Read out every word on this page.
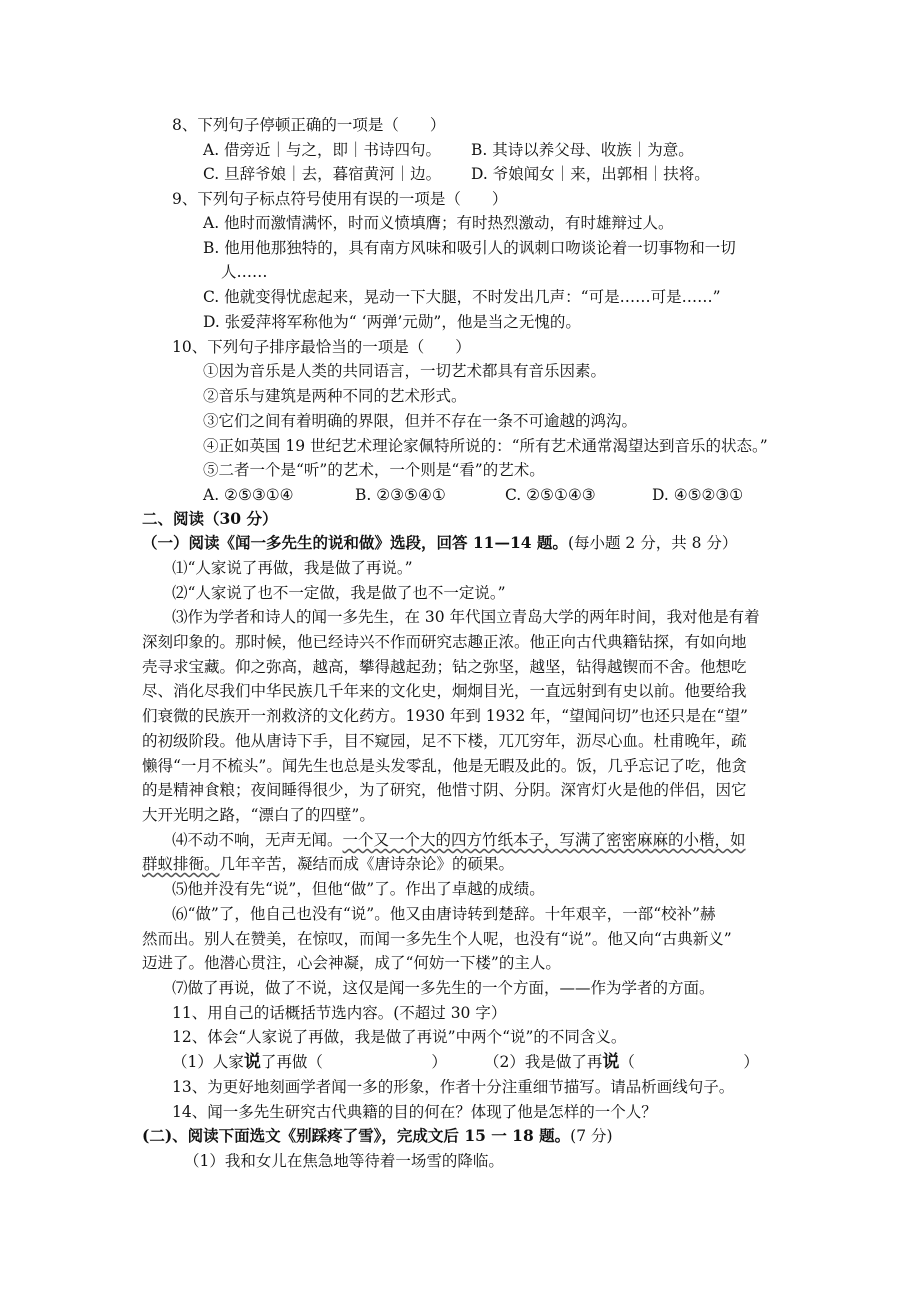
8、下列句子停顿正确的一项是（　　）
A. 借旁近｜与之，即｜书诗四句。 B. 其诗以养父母、收族｜为意。
C. 旦辞爷娘｜去，暮宿黄河｜边。 D. 爷娘闻女｜来，出郭相｜扶将。
9、下列句子标点符号使用有误的一项是（　　）
A. 他时而激情满怀，时而义愤填膺；有时热烈激动，有时雄辩过人。
B. 他用他那独特的，具有南方风味和吸引人的讽刺口吻谈论着一切事物和一切
人……
C. 他就变得忧虑起来，晃动一下大腿，不时发出几声：“可是……可是……”
D. 张爱萍将军称他为“ ‘两弹’元勋”，他是当之无愧的。
10、下列句子排序最恰当的一项是（　　）
①因为音乐是人类的共同语言，一切艺术都具有音乐因素。
②音乐与建筑是两种不同的艺术形式。
③它们之间有着明确的界限，但并不存在一条不可逾越的鸿沟。
④正如英国 19 世纪艺术理论家佩特所说的：“所有艺术通常渴望达到音乐的状态。”
⑤二者一个是“听”的艺术，一个则是“看”的艺术。
A. ②⑤③①④	B. ②③⑤④①	C. ②⑤①④③	D. ④⑤②③①
二、阅读（30 分）
（一）阅读《闻一多先生的说和做》选段，回答 11—14 题。(每小题 2 分，共 8 分）
⑴“人家说了再做，我是做了再说。”
⑵“人家说了也不一定做，我是做了也不一定说。”
⑶作为学者和诗人的闻一多先生，在 30 年代国立青岛大学的两年时间，我对他是有着
深刻印象的。那时候，他已经诗兴不作而研究志趣正浓。他正向古代典籍钻探，有如向地
壳寻求宝藏。仰之弥高，越高，攀得越起劲；钻之弥坚，越坚，钻得越锲而不舍。他想吃
尽、消化尽我们中华民族几千年来的文化史，炯炯目光，一直远射到有史以前。他要给我
们衰微的民族开一剂救济的文化药方。1930 年到 1932 年，“望闻问切”也还只是在“望”
的初级阶段。他从唐诗下手，目不窥园，足不下楼，兀兀穷年，沥尽心血。杜甫晚年，疏
懒得“一月不梳头”。闻先生也总是头发零乱，他是无暇及此的。饭，几乎忘记了吃，他贪
的是精神食粮；夜间睡得很少，为了研究，他惜寸阴、分阴。深宵灯火是他的伴侣，因它
大开光明之路，“漂白了的四壁”。
⑷不动不响，无声无闻。一个又一个大的四方竹纸本子，写满了密密麻麻的小楷，如
群蚁排衙。几年辛苦，凝结而成《唐诗杂论》的硕果。
⑸他并没有先“说”，但他“做”了。作出了卓越的成绩。
⑹“做”了，他自己也没有“说”。他又由唐诗转到楚辞。十年艰辛，一部“校补”赫
然而出。别人在赞美，在惊叹，而闻一多先生个人呢，也没有“说”。他又向“古典新义”
迈进了。他潜心贯注，心会神凝，成了“何妨一下楼”的主人。
⑺做了再说，做了不说，这仅是闻一多先生的一个方面，——作为学者的方面。
11、用自己的话概括节选内容。(不超过 30 字）
12、体会“人家说了再做，我是做了再说”中两个“说”的不同含义。
（1）人家说了再做（　　　　　　　） （2）我是做了再说（　　　　　　　）
13、为更好地刻画学者闻一多的形象，作者十分注重细节描写。请品析画线句子。
14、闻一多先生研究古代典籍的目的何在？体现了他是怎样的一个人？
(二)、阅读下面选文《别踩疼了雪》，完成文后 15 一 18 题。(7 分)
（1）我和女儿在焦急地等待着一场雪的降临。
